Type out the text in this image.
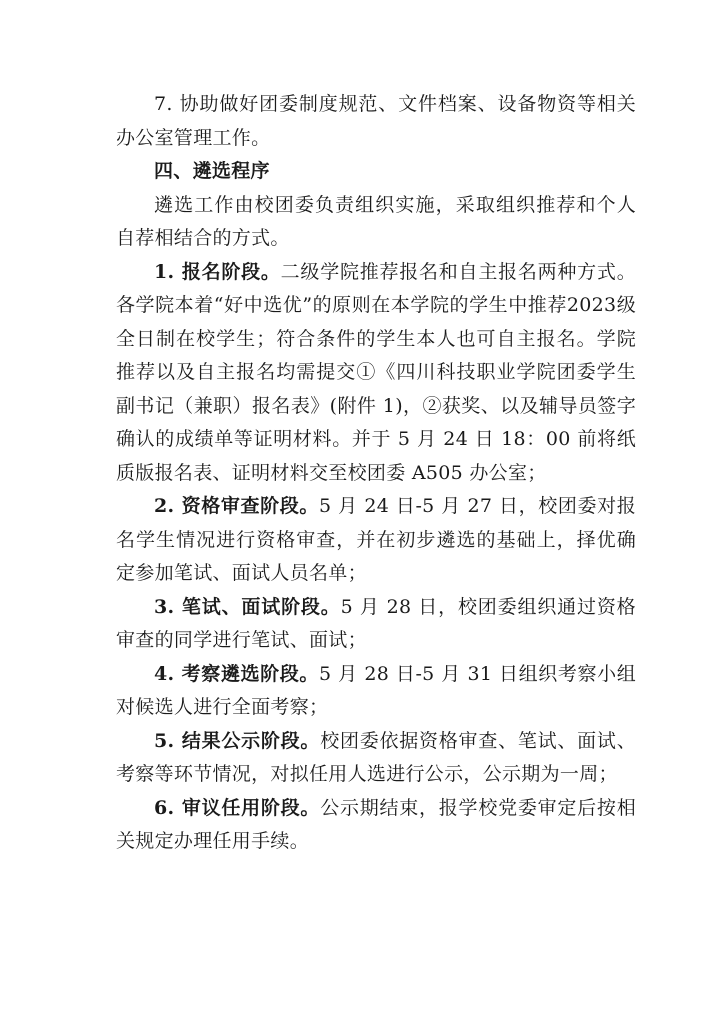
7. 协助做好团委制度规范、文件档案、设备物资等相关办公室管理工作。

四、遴选程序

遴选工作由校团委负责组织实施，采取组织推荐和个人自荐相结合的方式。

1. 报名阶段。二级学院推荐报名和自主报名两种方式。各学院本着“好中选优”的原则在本学院的学生中推荐2023级全日制在校学生；符合条件的学生本人也可自主报名。学院推荐以及自主报名均需提交①《四川科技职业学院团委学生副书记（兼职）报名表》(附件 1)，②获奖、以及辅导员签字确认的成绩单等证明材料。并于 5 月 24 日 18：00 前将纸质版报名表、证明材料交至校团委 A505 办公室；

2. 资格审查阶段。5 月 24 日-5 月 27 日，校团委对报名学生情况进行资格审查，并在初步遴选的基础上，择优确定参加笔试、面试人员名单；

3. 笔试、面试阶段。5 月 28 日，校团委组织通过资格审查的同学进行笔试、面试；

4. 考察遴选阶段。5 月 28 日-5 月 31 日组织考察小组对候选人进行全面考察；

5. 结果公示阶段。校团委依据资格审查、笔试、面试、考察等环节情况，对拟任用人选进行公示，公示期为一周；

6. 审议任用阶段。公示期结束，报学校党委审定后按相关规定办理任用手续。
